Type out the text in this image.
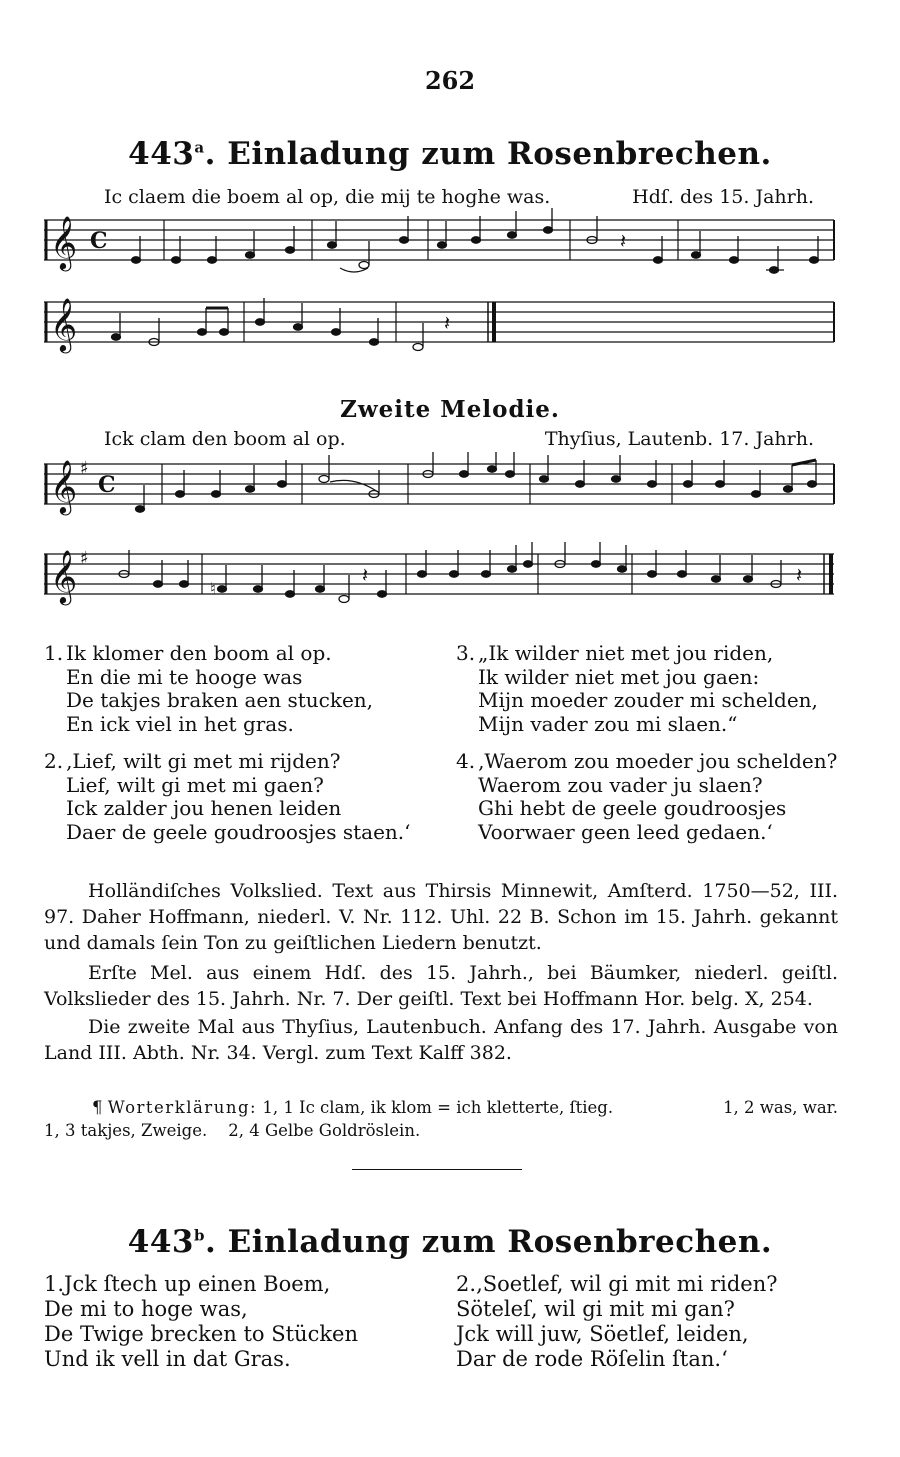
262
443$^a$. Einladung zum Rosenbrechen.
Ic claem die boem al op, die mij te hoghe was.	Hdſ. des 15. Jahrh.
𝄞 C	𝄽
𝄞	𝄽
Zweite Melodie.
Ick clam den boom al op.	Thyſius, Lautenb. 17. Jahrh.
𝄞 ♯
C
𝄞 ♯
♮
𝄽	𝄽
1. Ik klomer den boom al op.
En die mi te hooge was
De takjes braken aen stucken,
En ick viel in het gras.
2. ‚Lief, wilt gi met mi rijden?
Lief, wilt gi met mi gaen?
Ick zalder jou henen leiden
Daer de geele goudroosjes staen.‘
3. „Ik wilder niet met jou riden,
Ik wilder niet met jou gaen:
Mijn moeder zouder mi schelden,
Mijn vader zou mi slaen.“
4. ‚Waerom zou moeder jou schelden?
Waerom zou vader ju slaen?
Ghi hebt de geele goudroosjes
Voorwaer geen leed gedaen.‘
Holländiſches Volkslied. Text aus Thirsis Minnewit, Amſterd. 1750—52, III. 97. Daher Hoffmann, niederl. V. Nr. 112. Uhl. 22 B. Schon im 15. Jahrh. gekannt und damals ſein Ton zu geiſtlichen Liedern benutzt.
Erſte Mel. aus einem Hdſ. des 15. Jahrh., bei Bäumker, niederl. geiſtl. Volkslieder des 15. Jahrh. Nr. 7. Der geiſtl. Text bei Hoffmann Hor. belg. X, 254.
Die zweite Mal aus Thyſius, Lautenbuch. Anfang des 17. Jahrh. Ausgabe von Land III. Abth. Nr. 34. Vergl. zum Text Kalff 382.
¶ Worterklärung: 1, 1 Ic clam, ik klom = ich kletterte, ſtieg.	1, 2 was, war.
1, 3 takjes, Zweige. 2, 4 Gelbe Goldröslein.
443$^b$. Einladung zum Rosenbrechen.
1.Jck ſtech up einen Boem,
De mi to hoge was,
De Twige brecken to Stücken
Und ik vell in dat Gras.
2.‚Soetlef, wil gi mit mi riden?
Söteleſ, wil gi mit mi gan?
Jck will juw, Söetlef, leiden,
Dar de rode Röſelin ſtan.‘
